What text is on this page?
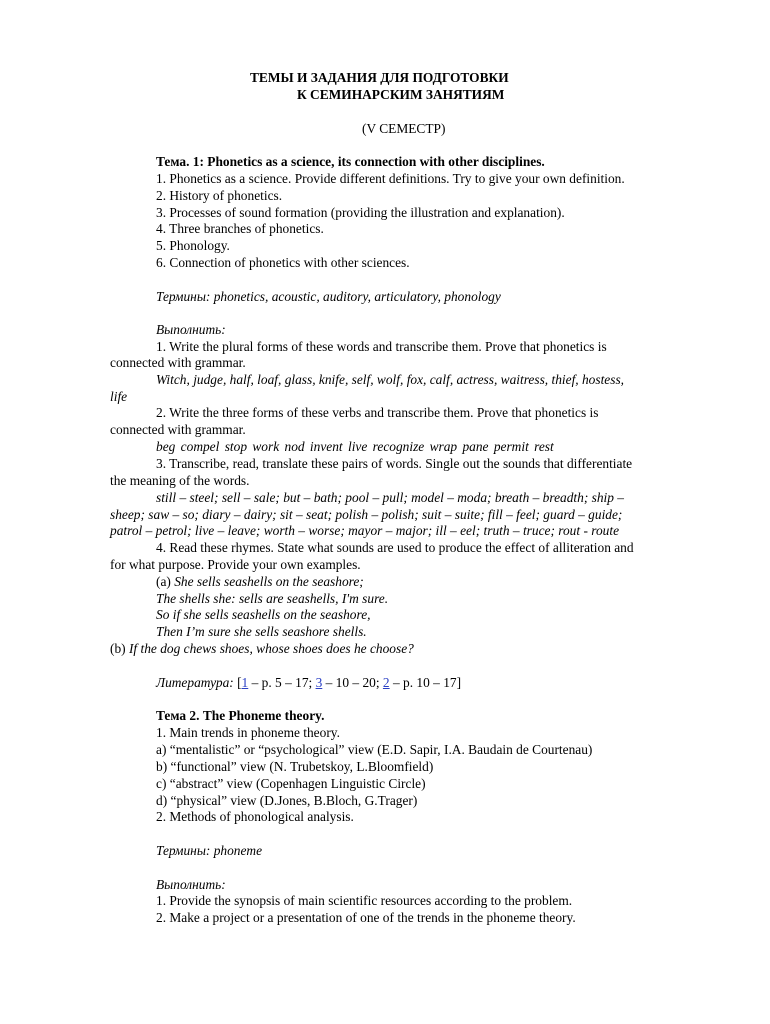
ТЕМЫ И ЗАДАНИЯ ДЛЯ ПОДГОТОВКИ
К СЕМИНАРСКИМ ЗАНЯТИЯМ
(V СЕМЕСТР)
Тема. 1: Phonetics as a science, its connection with other disciplines.
1. Phonetics as a science. Provide different definitions. Try to give your own definition.
2. History of phonetics.
3. Processes of sound formation (providing the illustration and explanation).
4. Three branches of phonetics.
5. Phonology.
6. Connection of phonetics with other sciences.
Термины: phonetics, acoustic, auditory, articulatory, phonology
Выполнить:
1. Write the plural forms of these words and transcribe them. Prove that phonetics is
connected with grammar.
Witch, judge, half, loaf, glass, knife, self, wolf, fox, calf, actress, waitress, thief, hostess,
life
2. Write the three forms of these verbs and transcribe them. Prove that phonetics is
connected with grammar.
beg compel stop work nod invent live recognize wrap pane permit rest
3. Transcribe, read, translate these pairs of words. Single out the sounds that differentiate
the meaning of the words.
still – steel; sell – sale; but – bath; pool – pull; model – moda; breath – breadth; ship –
sheep; saw – so; diary – dairy; sit – seat; polish – polish; suit – suite; fill – feel; guard – guide;
patrol – petrol; live – leave; worth – worse; mayor – major; ill – eel; truth – truce; rout - route
4. Read these rhymes. State what sounds are used to produce the effect of alliteration and
for what purpose. Provide your own examples.
(a) She sells seashells on the seashore;
The shells she: sells are seashells, I'm sure.
So if she sells seashells on the seashore,
Then I’m sure she sells seashore shells.
(b) If the dog chews shoes, whose shoes does he choose?
Литература: [1 – p. 5 – 17; 3 – 10 – 20; 2 – p. 10 – 17]
Тема 2. The Phoneme theory.
1. Main trends in phoneme theory.
a) “mentalistic” or “psychological” view (E.D. Sapir, I.A. Baudain de Courtenau)
b) “functional” view (N. Trubetskoy, L.Bloomfield)
c) “abstract” view (Copenhagen Linguistic Circle)
d) “physical” view (D.Jones, B.Bloch, G.Trager)
2. Methods of phonological analysis.
Термины: phoneme
Выполнить:
1. Provide the synopsis of main scientific resources according to the problem.
2. Make a project or a presentation of one of the trends in the phoneme theory.
